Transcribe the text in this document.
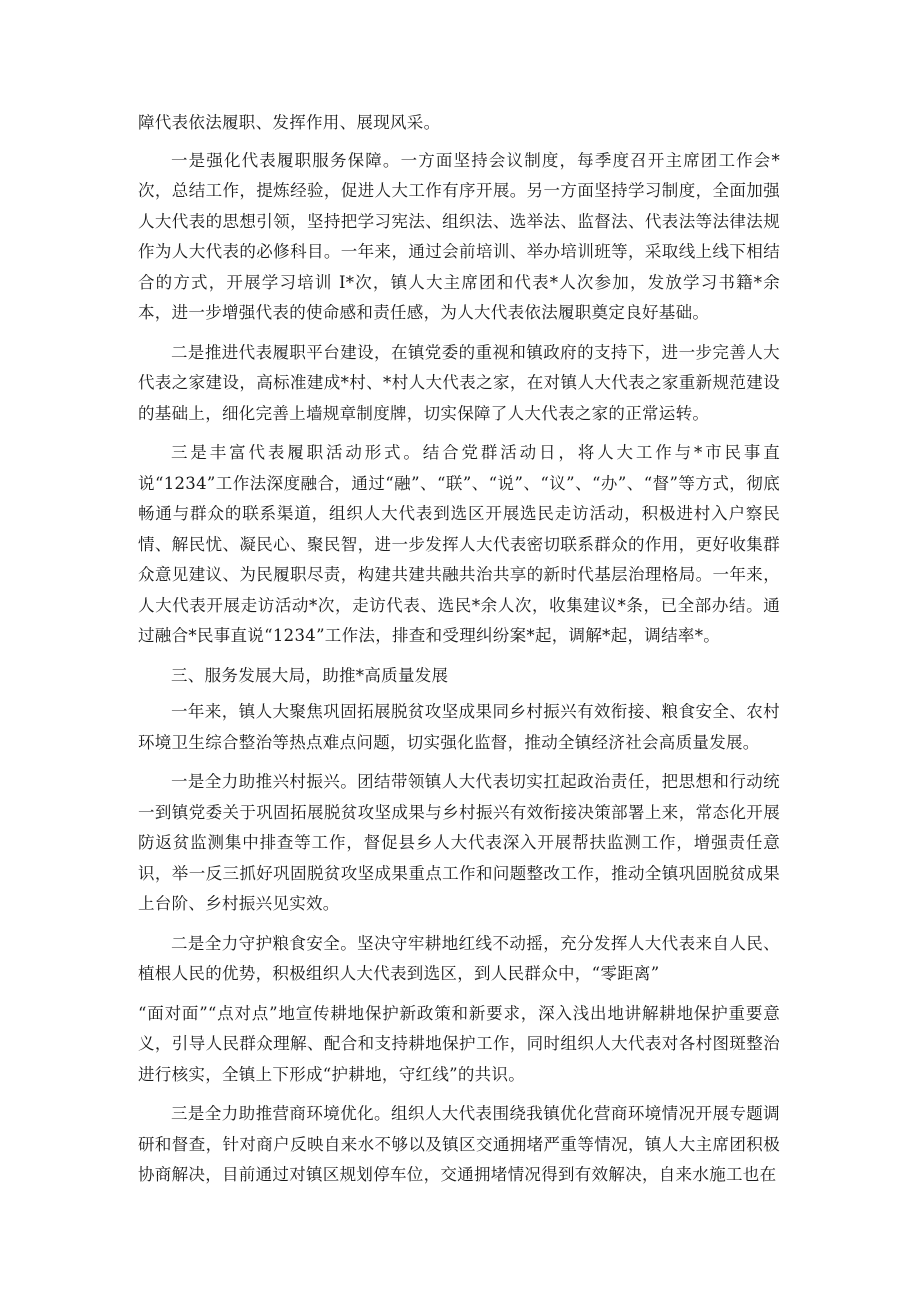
障代表依法履职、发挥作用、展现风采。

一是强化代表履职服务保障。一方面坚持会议制度，每季度召开主席团工作会*次，总结工作，提炼经验，促进人大工作有序开展。另一方面坚持学习制度，全面加强人大代表的思想引领，坚持把学习宪法、组织法、选举法、监督法、代表法等法律法规作为人大代表的必修科目。一年来，通过会前培训、举办培训班等，采取线上线下相结合的方式，开展学习培训 I*次，镇人大主席团和代表*人次参加，发放学习书籍*余本，进一步增强代表的使命感和责任感，为人大代表依法履职奠定良好基础。

二是推进代表履职平台建设，在镇党委的重视和镇政府的支持下，进一步完善人大代表之家建设，高标准建成*村、*村人大代表之家，在对镇人大代表之家重新规范建设的基础上，细化完善上墙规章制度牌，切实保障了人大代表之家的正常运转。

三是丰富代表履职活动形式。结合党群活动日，将人大工作与*市民事直说“1234”工作法深度融合，通过“融”、“联”、“说”、“议”、“办”、“督”等方式，彻底畅通与群众的联系渠道，组织人大代表到选区开展选民走访活动，积极进村入户察民情、解民忧、凝民心、聚民智，进一步发挥人大代表密切联系群众的作用，更好收集群众意见建议、为民履职尽责，构建共建共融共治共享的新时代基层治理格局。一年来，人大代表开展走访活动*次，走访代表、选民*余人次，收集建议*条，已全部办结。通过融合*民事直说“1234”工作法，排查和受理纠纷案*起，调解*起，调结率*。

三、服务发展大局，助推*高质量发展

一年来，镇人大聚焦巩固拓展脱贫攻坚成果同乡村振兴有效衔接、粮食安全、农村环境卫生综合整治等热点难点问题，切实强化监督，推动全镇经济社会高质量发展。

一是全力助推兴村振兴。团结带领镇人大代表切实扛起政治责任，把思想和行动统一到镇党委关于巩固拓展脱贫攻坚成果与乡村振兴有效衔接决策部署上来，常态化开展防返贫监测集中排查等工作，督促县乡人大代表深入开展帮扶监测工作，增强责任意识，举一反三抓好巩固脱贫攻坚成果重点工作和问题整改工作，推动全镇巩固脱贫成果上台阶、乡村振兴见实效。

二是全力守护粮食安全。坚决守牢耕地红线不动摇，充分发挥人大代表来自人民、植根人民的优势，积极组织人大代表到选区，到人民群众中，“零距离”

“面对面”“点对点”地宣传耕地保护新政策和新要求，深入浅出地讲解耕地保护重要意义，引导人民群众理解、配合和支持耕地保护工作，同时组织人大代表对各村图斑整治进行核实，全镇上下形成“护耕地，守红线”的共识。

三是全力助推营商环境优化。组织人大代表围绕我镇优化营商环境情况开展专题调研和督查，针对商户反映自来水不够以及镇区交通拥堵严重等情况，镇人大主席团积极协商解决，目前通过对镇区规划停车位，交通拥堵情况得到有效解决，自来水施工也在
